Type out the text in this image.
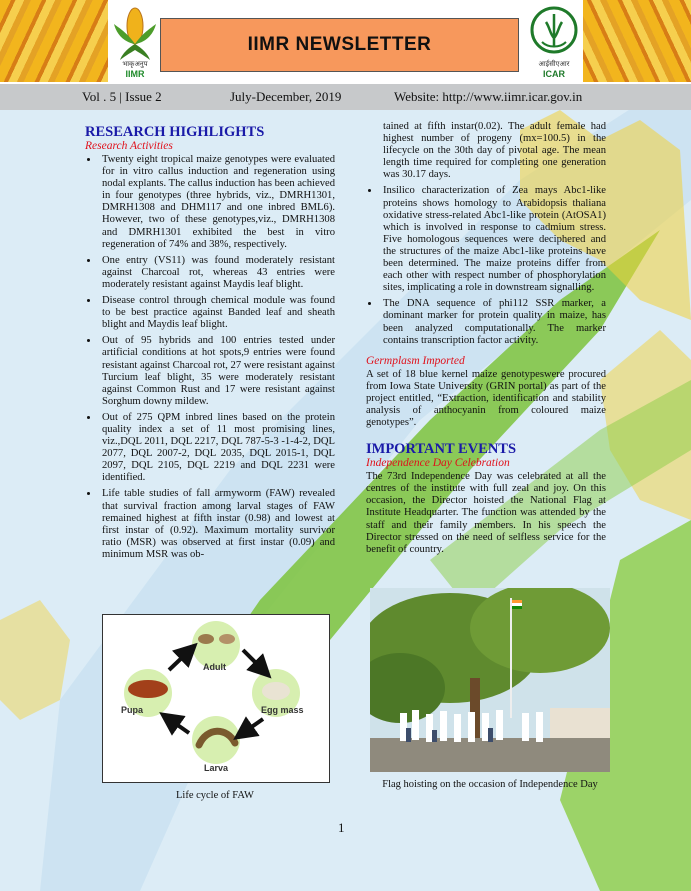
भाकृअनुप
IIMR
IIMR NEWSLETTER
आईसीएआर
ICAR
Vol . 5 | Issue 2	July-December, 2019	Website: http://www.iimr.icar.gov.in
RESEARCH HIGHLIGHTS
Research Activities
• Twenty eight tropical maize genotypes were evaluated for in vitro callus induction and regeneration using nodal explants. The callus induction has been achieved in four genotypes (three hybrids, viz., DMRH1301, DMRH1308 and DHM117 and one inbred BML6). However, two of these genotypes,viz., DMRH1308 and DMRH1301 exhibited the best in vitro regeneration of 74% and 38%, respectively.
• One entry (VS11) was found moderately resistant against Charcoal rot, whereas 43 entries were moderately resistant against Maydis leaf blight.
• Disease control through chemical module was found to be best practice against Banded leaf and sheath blight and Maydis leaf blight.
• Out of 95 hybrids and 100 entries tested under artificial conditions at hot spots,9 entries were found resistant against Charcoal rot, 27 were resistant against Turcium leaf blight, 35 were moderately resistant against Common Rust and 17 were resistant against Sorghum downy mildew.
• Out of 275 QPM inbred lines based on the protein quality index a set of 11 most promising lines, viz.,DQL 2011, DQL 2217, DQL 787-5-3 -1-4-2, DQL 2077, DQL 2007-2, DQL 2035, DQL 2015-1, DQL 2097, DQL 2105, DQL 2219 and DQL 2231 were identified.
• Life table studies of fall armyworm (FAW) revealed that survival fraction among larval stages of FAW remained highest at fifth instar (0.98) and lowest at first instar of (0.92). Maximum mortality survivor ratio (MSR) was observed at first instar (0.09) and minimum MSR was ob-
Adult
Egg mass
Larva
Pupa
Life cycle of FAW

tained at fifth instar(0.02). The adult female had highest number of progeny (mx=100.5) in the lifecycle on the 30th day of pivotal age. The mean length time required for completing one generation was 30.17 days.

• Insilico characterization of Zea mays Abc1-like proteins shows homology to Arabidopsis thaliana oxidative stress-related Abc1-like protein (AtOSA1) which is involved in response to cadmium stress. Five homologous sequences were deciphered and the structures of the maize Abc1-like proteins have been determined. The maize proteins differ from each other with respect number of phosphorylation sites, implicating a role in downstream signalling.
• The DNA sequence of phi112 SSR marker, a dominant marker for protein quality in maize, has been analyzed computationally. The marker contains transcription factor activity.
Germplasm Imported

A set of 18 blue kernel maize genotypeswere procured from Iowa State University (GRIN portal) as part of the project entitled, “Extraction, identification and stability analysis of anthocyanin from coloured maize genotypes”.

IMPORTANT EVENTS
Independence Day Celebration

The 73rd Independence Day was celebrated at all the centres of the institute with full zeal and joy. On this occasion, the Director hoisted the National Flag at Institute Headquarter. The function was attended by the staff and their family members. In his speech the Director stressed on the need of selfless service for the benefit of country.

Flag hoisting on the occasion of Independence Day
1
